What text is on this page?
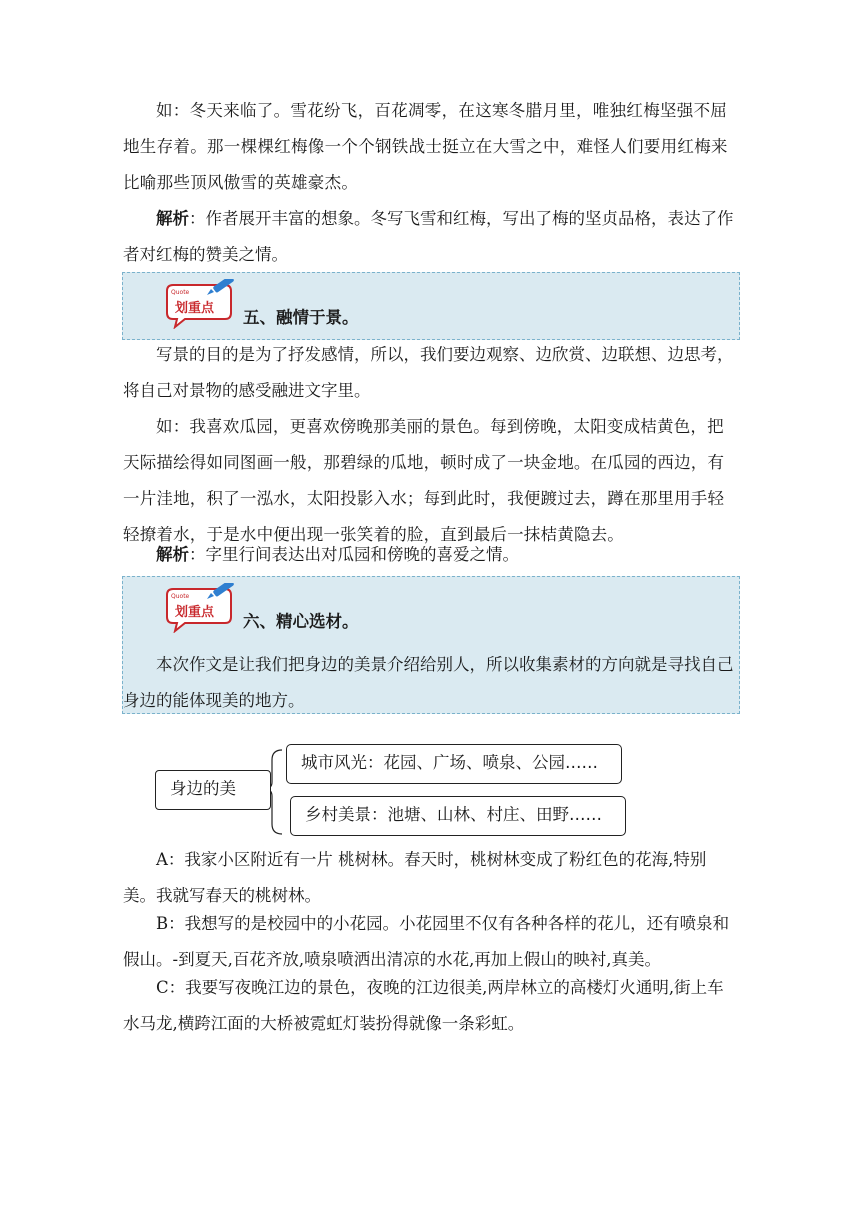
如：冬天来临了。雪花纷飞，百花凋零，在这寒冬腊月里，唯独红梅坚强不屈地生存着。那一棵棵红梅像一个个钢铁战士挺立在大雪之中，难怪人们要用红梅来比喻那些顶风傲雪的英雄豪杰。

解析：作者展开丰富的想象。冬写飞雪和红梅，写出了梅的坚贞品格，表达了作者对红梅的赞美之情。

Quote
划重点 五、融情于景。

写景的目的是为了抒发感情，所以，我们要边观察、边欣赏、边联想、边思考，将自己对景物的感受融进文字里。

如：我喜欢瓜园，更喜欢傍晚那美丽的景色。每到傍晚，太阳变成桔黄色，把天际描绘得如同图画一般，那碧绿的瓜地，顿时成了一块金地。在瓜园的西边，有一片洼地，积了一泓水，太阳投影入水；每到此时，我便踱过去，蹲在那里用手轻轻撩着水，于是水中便出现一张笑着的脸，直到最后一抹桔黄隐去。

解析：字里行间表达出对瓜园和傍晚的喜爱之情。

Quote
划重点 六、精心选材。

本次作文是让我们把身边的美景介绍给别人，所以收集素材的方向就是寻找自己身边的能体现美的地方。

身边的美
城市风光：花园、广场、喷泉、公园……
乡村美景：池塘、山林、村庄、田野……

A：我家小区附近有一片 桃树林。春天时，桃树林变成了粉红色的花海,特别美。我就写春天的桃树林。

B：我想写的是校园中的小花园。小花园里不仅有各种各样的花儿，还有喷泉和假山。-到夏天,百花齐放,喷泉喷洒出清凉的水花,再加上假山的映衬,真美。

C：我要写夜晚江边的景色，夜晚的江边很美,两岸林立的高楼灯火通明,街上车水马龙,横跨江面的大桥被霓虹灯装扮得就像一条彩虹。
